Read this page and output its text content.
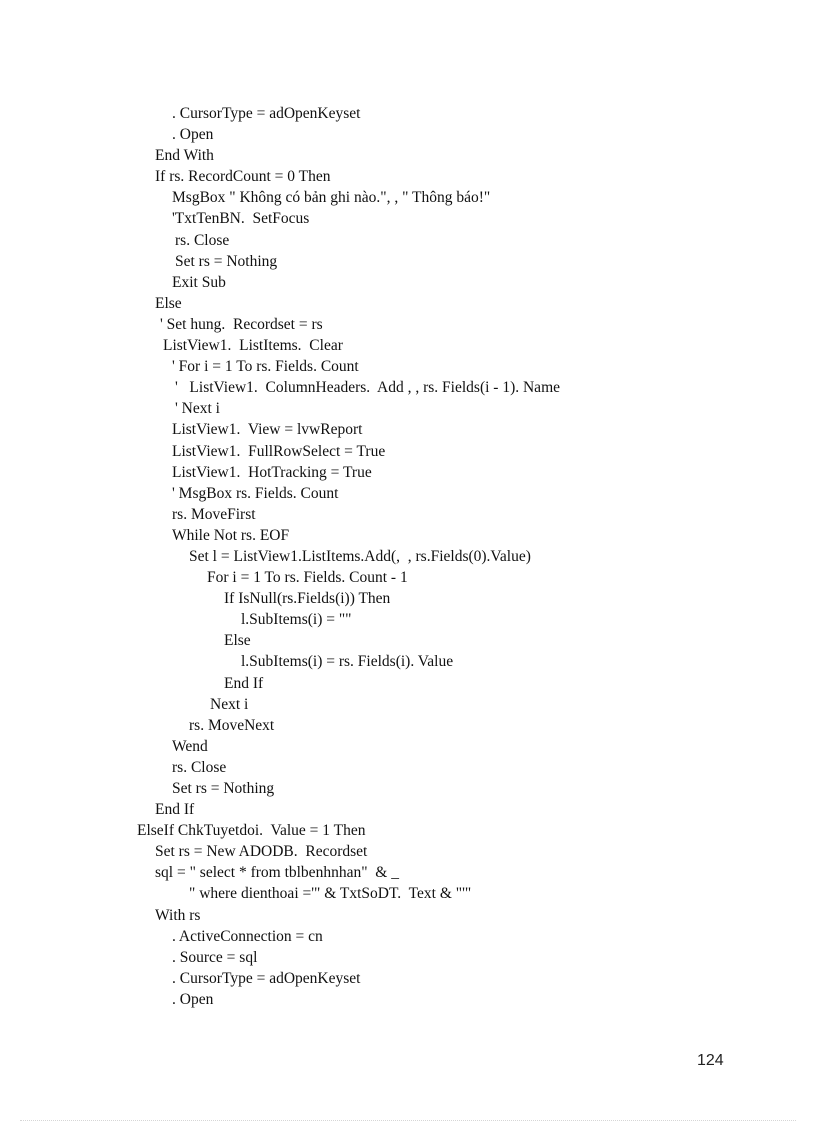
. CursorType = adOpenKeyset
. Open
End With
If rs. RecordCount = 0 Then
MsgBox " Không có bản ghi nào.", , " Thông báo!"
'TxtTenBN.  SetFocus
rs. Close
Set rs = Nothing
Exit Sub
Else
' Set hung.  Recordset = rs
ListView1.  ListItems.  Clear
' For i = 1 To rs. Fields. Count
'   ListView1.  ColumnHeaders.  Add , , rs. Fields(i - 1). Name
' Next i
ListView1.  View = lvwReport
ListView1.  FullRowSelect = True
ListView1.  HotTracking = True
' MsgBox rs. Fields. Count
rs. MoveFirst
While Not rs. EOF
Set l = ListView1.ListItems.Add(,  , rs.Fields(0).Value)
For i = 1 To rs. Fields. Count - 1
If IsNull(rs.Fields(i)) Then
l.SubItems(i) = ""
Else
l.SubItems(i) = rs. Fields(i). Value
End If
Next i
rs. MoveNext
Wend
rs. Close
Set rs = Nothing
End If
ElseIf ChkTuyetdoi.  Value = 1 Then
Set rs = New ADODB.  Recordset
sql = " select * from tblbenhnhan"  & _
" where dienthoai ='" & TxtSoDT.  Text & "'"
With rs
. ActiveConnection = cn
. Source = sql
. CursorType = adOpenKeyset
. Open
124
